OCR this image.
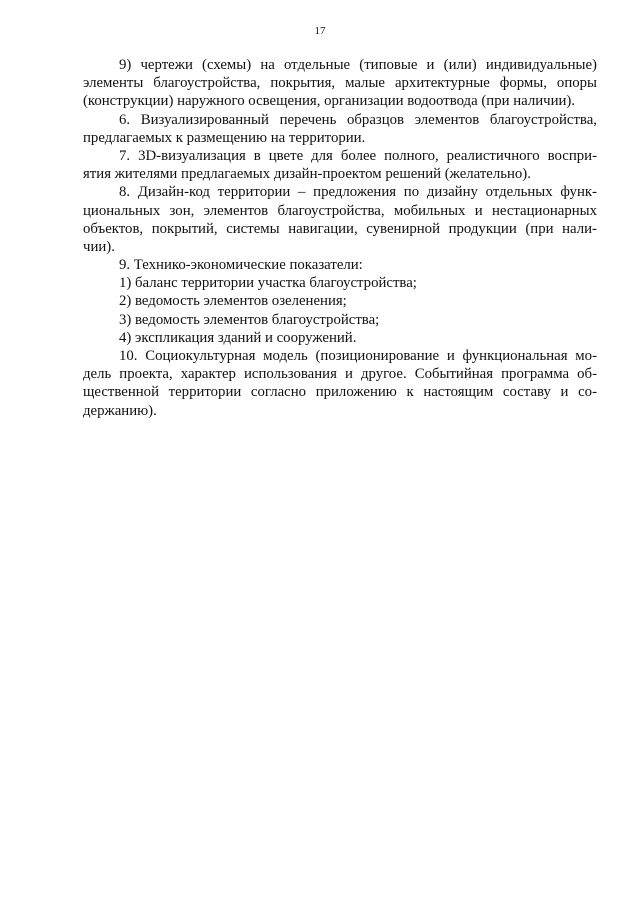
17
9) чертежи (схемы) на отдельные (типовые и (или) индивидуальные)
элементы благоустройства, покрытия, малые архитектурные формы, опоры
(конструкции) наружного освещения, организации водоотвода (при наличии).
6. Визуализированный перечень образцов элементов благоустройства,
предлагаемых к размещению на территории.
7. 3D-визуализация в цвете для более полного, реалистичного воспри-
ятия жителями предлагаемых дизайн-проектом решений (желательно).
8. Дизайн-код территории – предложения по дизайну отдельных функ-
циональных зон, элементов благоустройства, мобильных и нестационарных
объектов, покрытий, системы навигации, сувенирной продукции (при нали-
чии).
9. Технико-экономические показатели:
1) баланс территории участка благоустройства;
2) ведомость элементов озеленения;
3) ведомость элементов благоустройства;
4) экспликация зданий и сооружений.
10. Социокультурная модель (позиционирование и функциональная мо-
дель проекта, характер использования и другое. Событийная программа об-
щественной территории согласно приложению к настоящим составу и со-
держанию).
